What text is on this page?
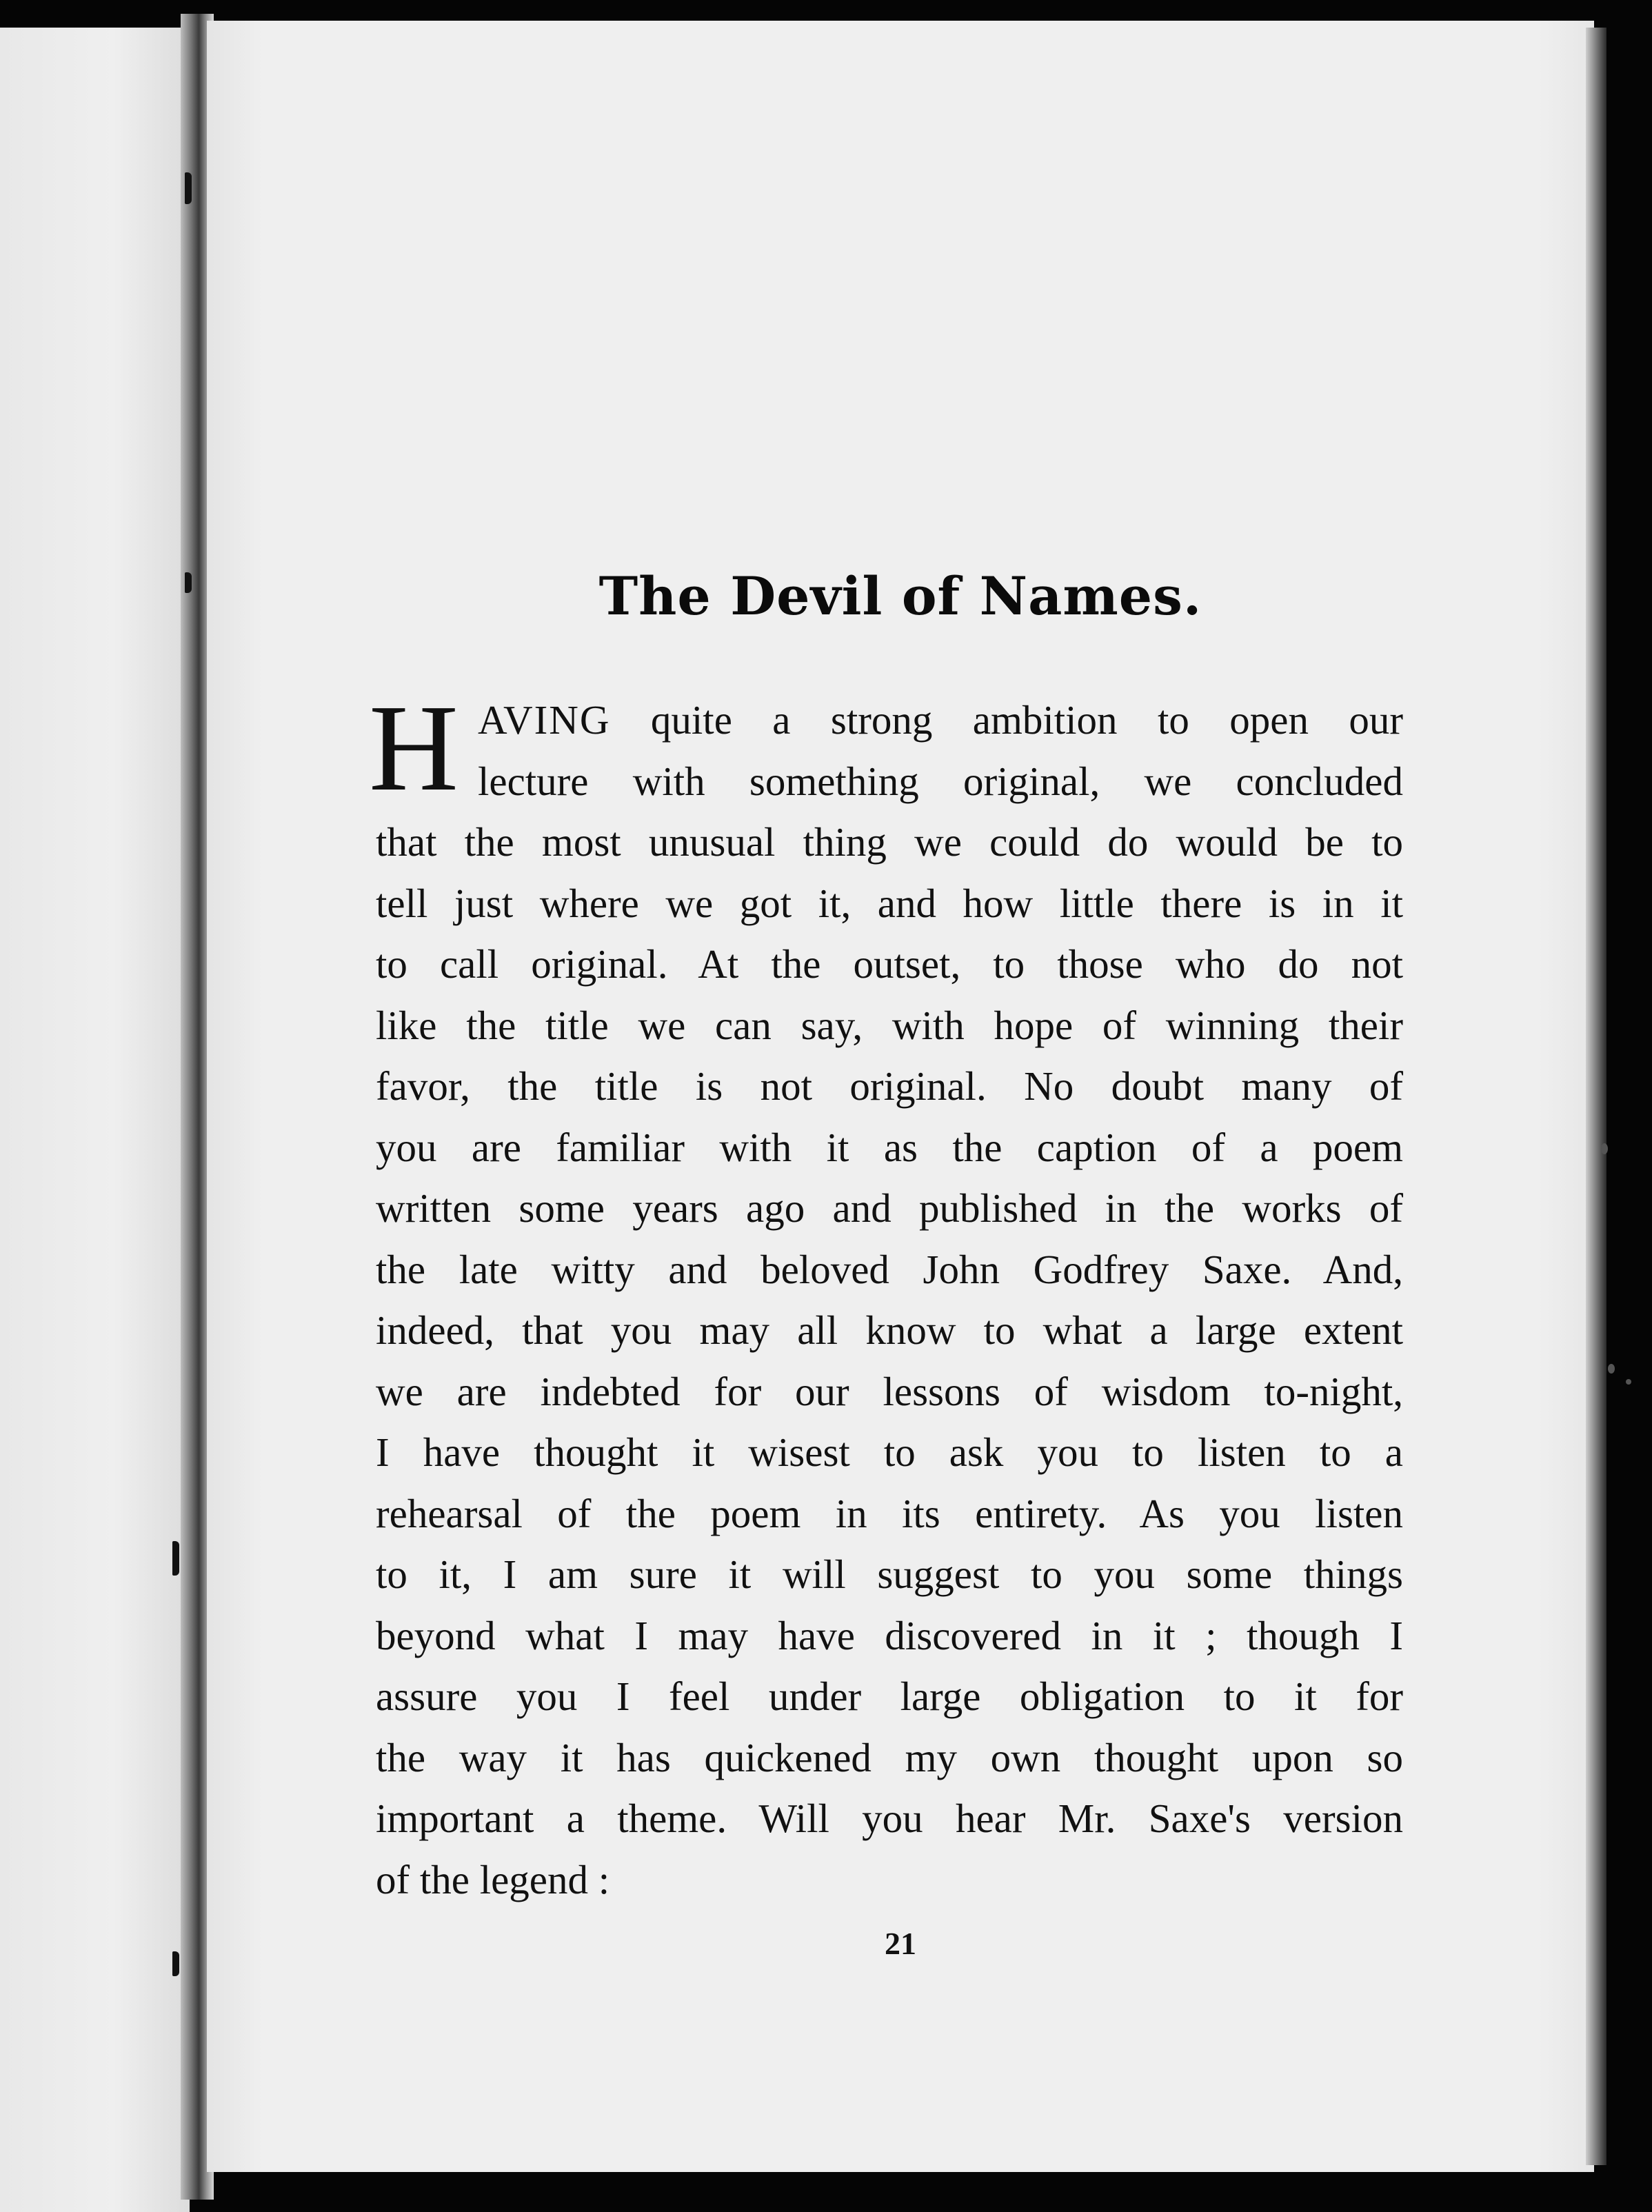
The Devil of Names.
H AVING quite a strong ambition to open our
lecture with something original, we concluded
that the most unusual thing we could do would be to
tell just where we got it, and how little there is in it
to call original. At the outset, to those who do not
like the title we can say, with hope of winning their
favor, the title is not original. No doubt many of
you are familiar with it as the caption of a poem
written some years ago and published in the works of
the late witty and beloved John Godfrey Saxe. And,
indeed, that you may all know to what a large extent
we are indebted for our lessons of wisdom to-night,
I have thought it wisest to ask you to listen to a
rehearsal of the poem in its entirety. As you listen
to it, I am sure it will suggest to you some things
beyond what I may have discovered in it ; though I
assure you I feel under large obligation to it for
the way it has quickened my own thought upon so
important a theme. Will you hear Mr. Saxe's version
of the legend :
21
